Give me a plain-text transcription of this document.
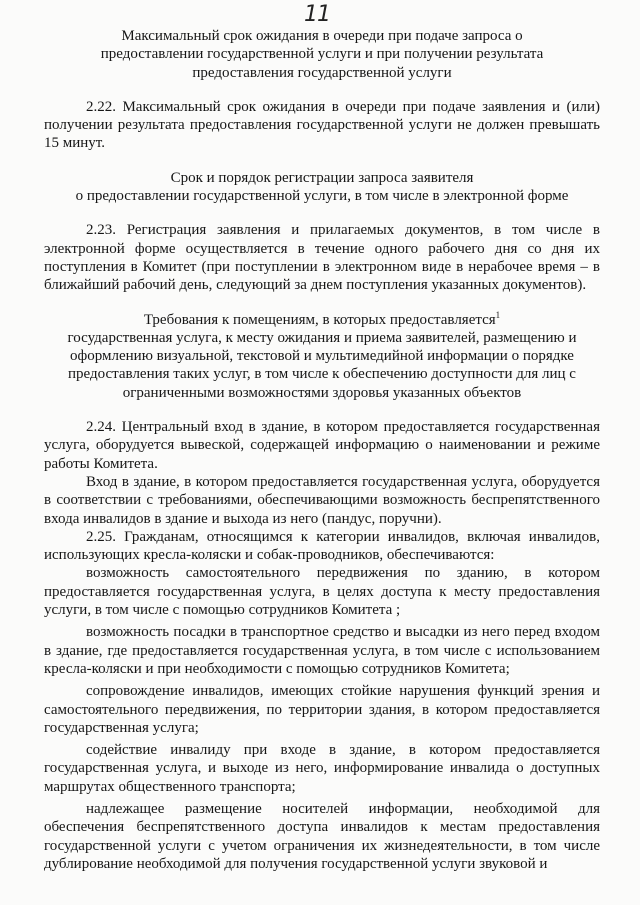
11

Максимальный срок ожидания в очереди при подаче запроса о

предоставлении государственной услуги и при получении результата

предоставления государственной услуги

2.22. Максимальный срок ожидания в очереди при подаче заявления и (или) получении результата предоставления государственной услуги не должен превышать 15 минут.

Срок и порядок регистрации запроса заявителя

о предоставлении государственной услуги, в том числе в электронной форме

2.23. Регистрация заявления и прилагаемых документов, в том числе в электронной форме осуществляется в течение одного рабочего дня со дня их поступления в Комитет (при поступлении в электронном виде в нерабочее время – в ближайший рабочий день, следующий за днем поступления указанных документов).

Требования к помещениям, в которых предоставляется$^1$

государственная услуга, к месту ожидания и приема заявителей, размещению и

оформлению визуальной, текстовой и мультимедийной информации о порядке

предоставления таких услуг, в том числе к обеспечению доступности для лиц с

ограниченными возможностями здоровья указанных объектов

2.24. Центральный вход в здание, в котором предоставляется государственная услуга, оборудуется вывеской, содержащей информацию о наименовании и режиме работы Комитета.

Вход в здание, в котором предоставляется государственная услуга, оборудуется в соответствии с требованиями, обеспечивающими возможность беспрепятственного входа инвалидов в здание и выхода из него (пандус, поручни).

2.25. Гражданам, относящимся к категории инвалидов, включая инвалидов, использующих кресла-коляски и собак-проводников, обеспечиваются:

возможность самостоятельного передвижения по зданию, в котором предоставляется государственная услуга, в целях доступа к месту предоставления услуги, в том числе с помощью сотрудников Комитета ;

возможность посадки в транспортное средство и высадки из него перед входом в здание, где предоставляется государственная услуга, в том числе с использованием кресла-коляски и при необходимости с помощью сотрудников Комитета;

сопровождение инвалидов, имеющих стойкие нарушения функций зрения и самостоятельного передвижения, по территории здания, в котором предоставляется государственная услуга;

содействие инвалиду при входе в здание, в котором предоставляется государственная услуга, и выходе из него, информирование инвалида о доступных маршрутах общественного транспорта;

надлежащее размещение носителей информации, необходимой для обеспечения беспрепятственного доступа инвалидов к местам предоставления государственной услуги с учетом ограничения их жизнедеятельности, в том числе дублирование необходимой для получения государственной услуги звуковой и
